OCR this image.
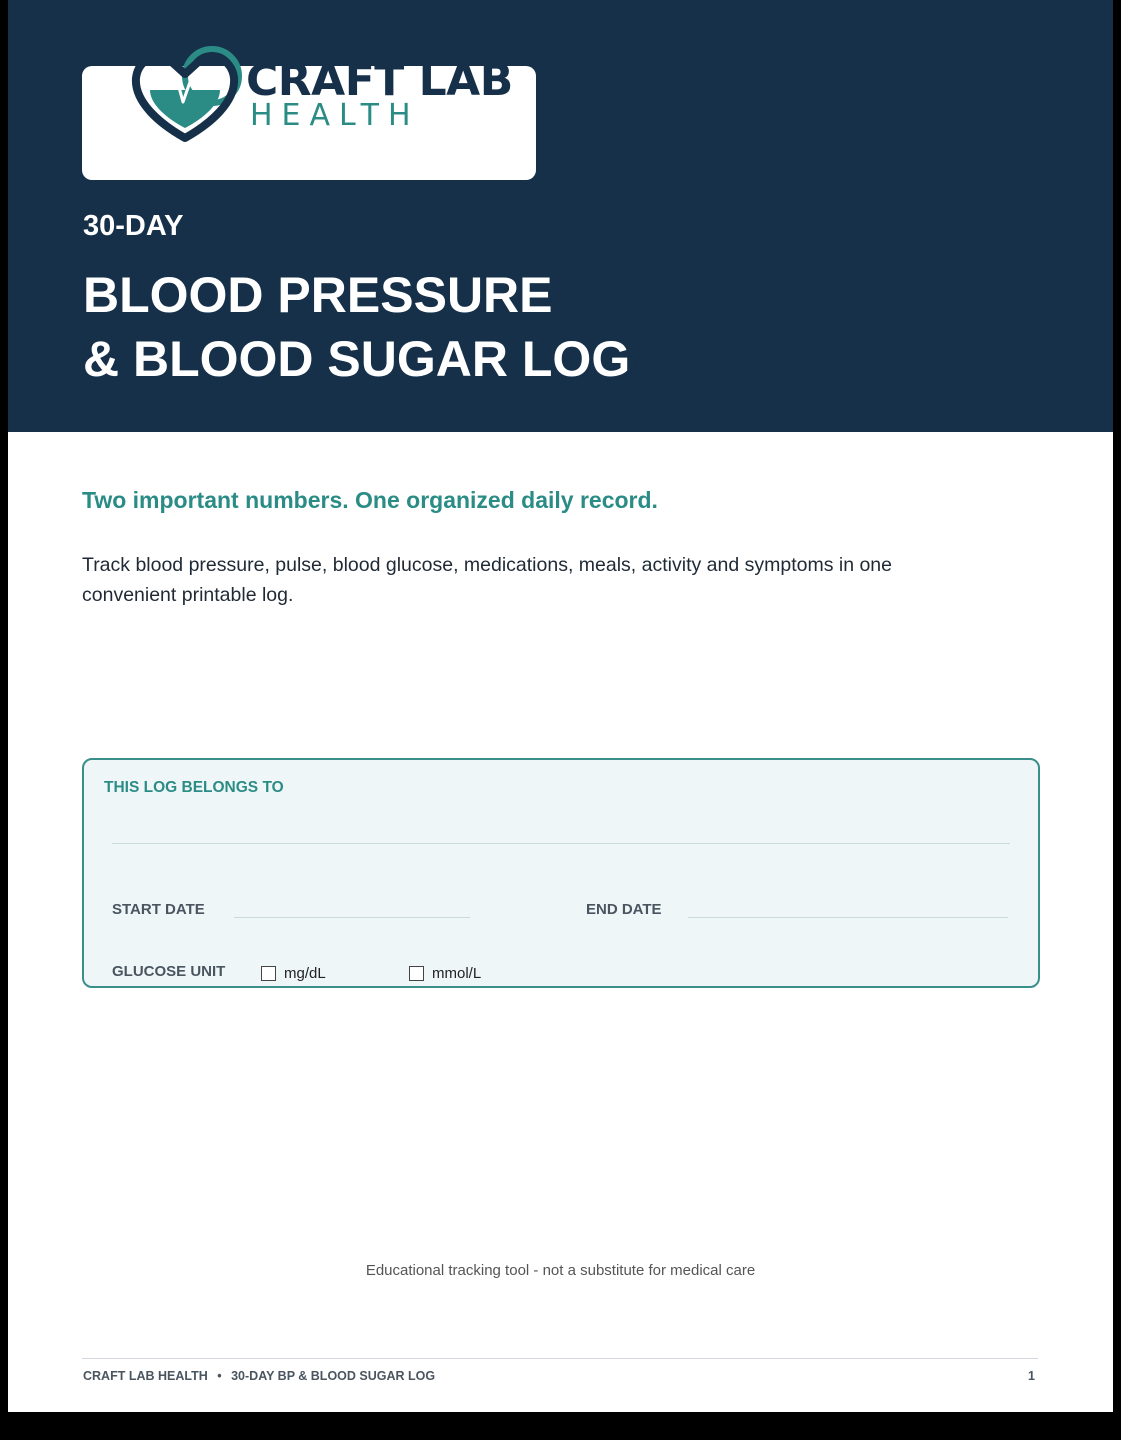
CRAFT LAB
HEALTH
30-DAY
BLOOD PRESSURE
& BLOOD SUGAR LOG
Two important numbers. One organized daily record.
Track blood pressure, pulse, blood glucose, medications, meals, activity and symptoms in one convenient printable log.
THIS LOG BELONGS TO
START DATE	END DATE
GLUCOSE UNIT	mg/dL	mmol/L
Educational tracking tool - not a substitute for medical care
CRAFT LAB HEALTH • 30-DAY BP & BLOOD SUGAR LOG	1
